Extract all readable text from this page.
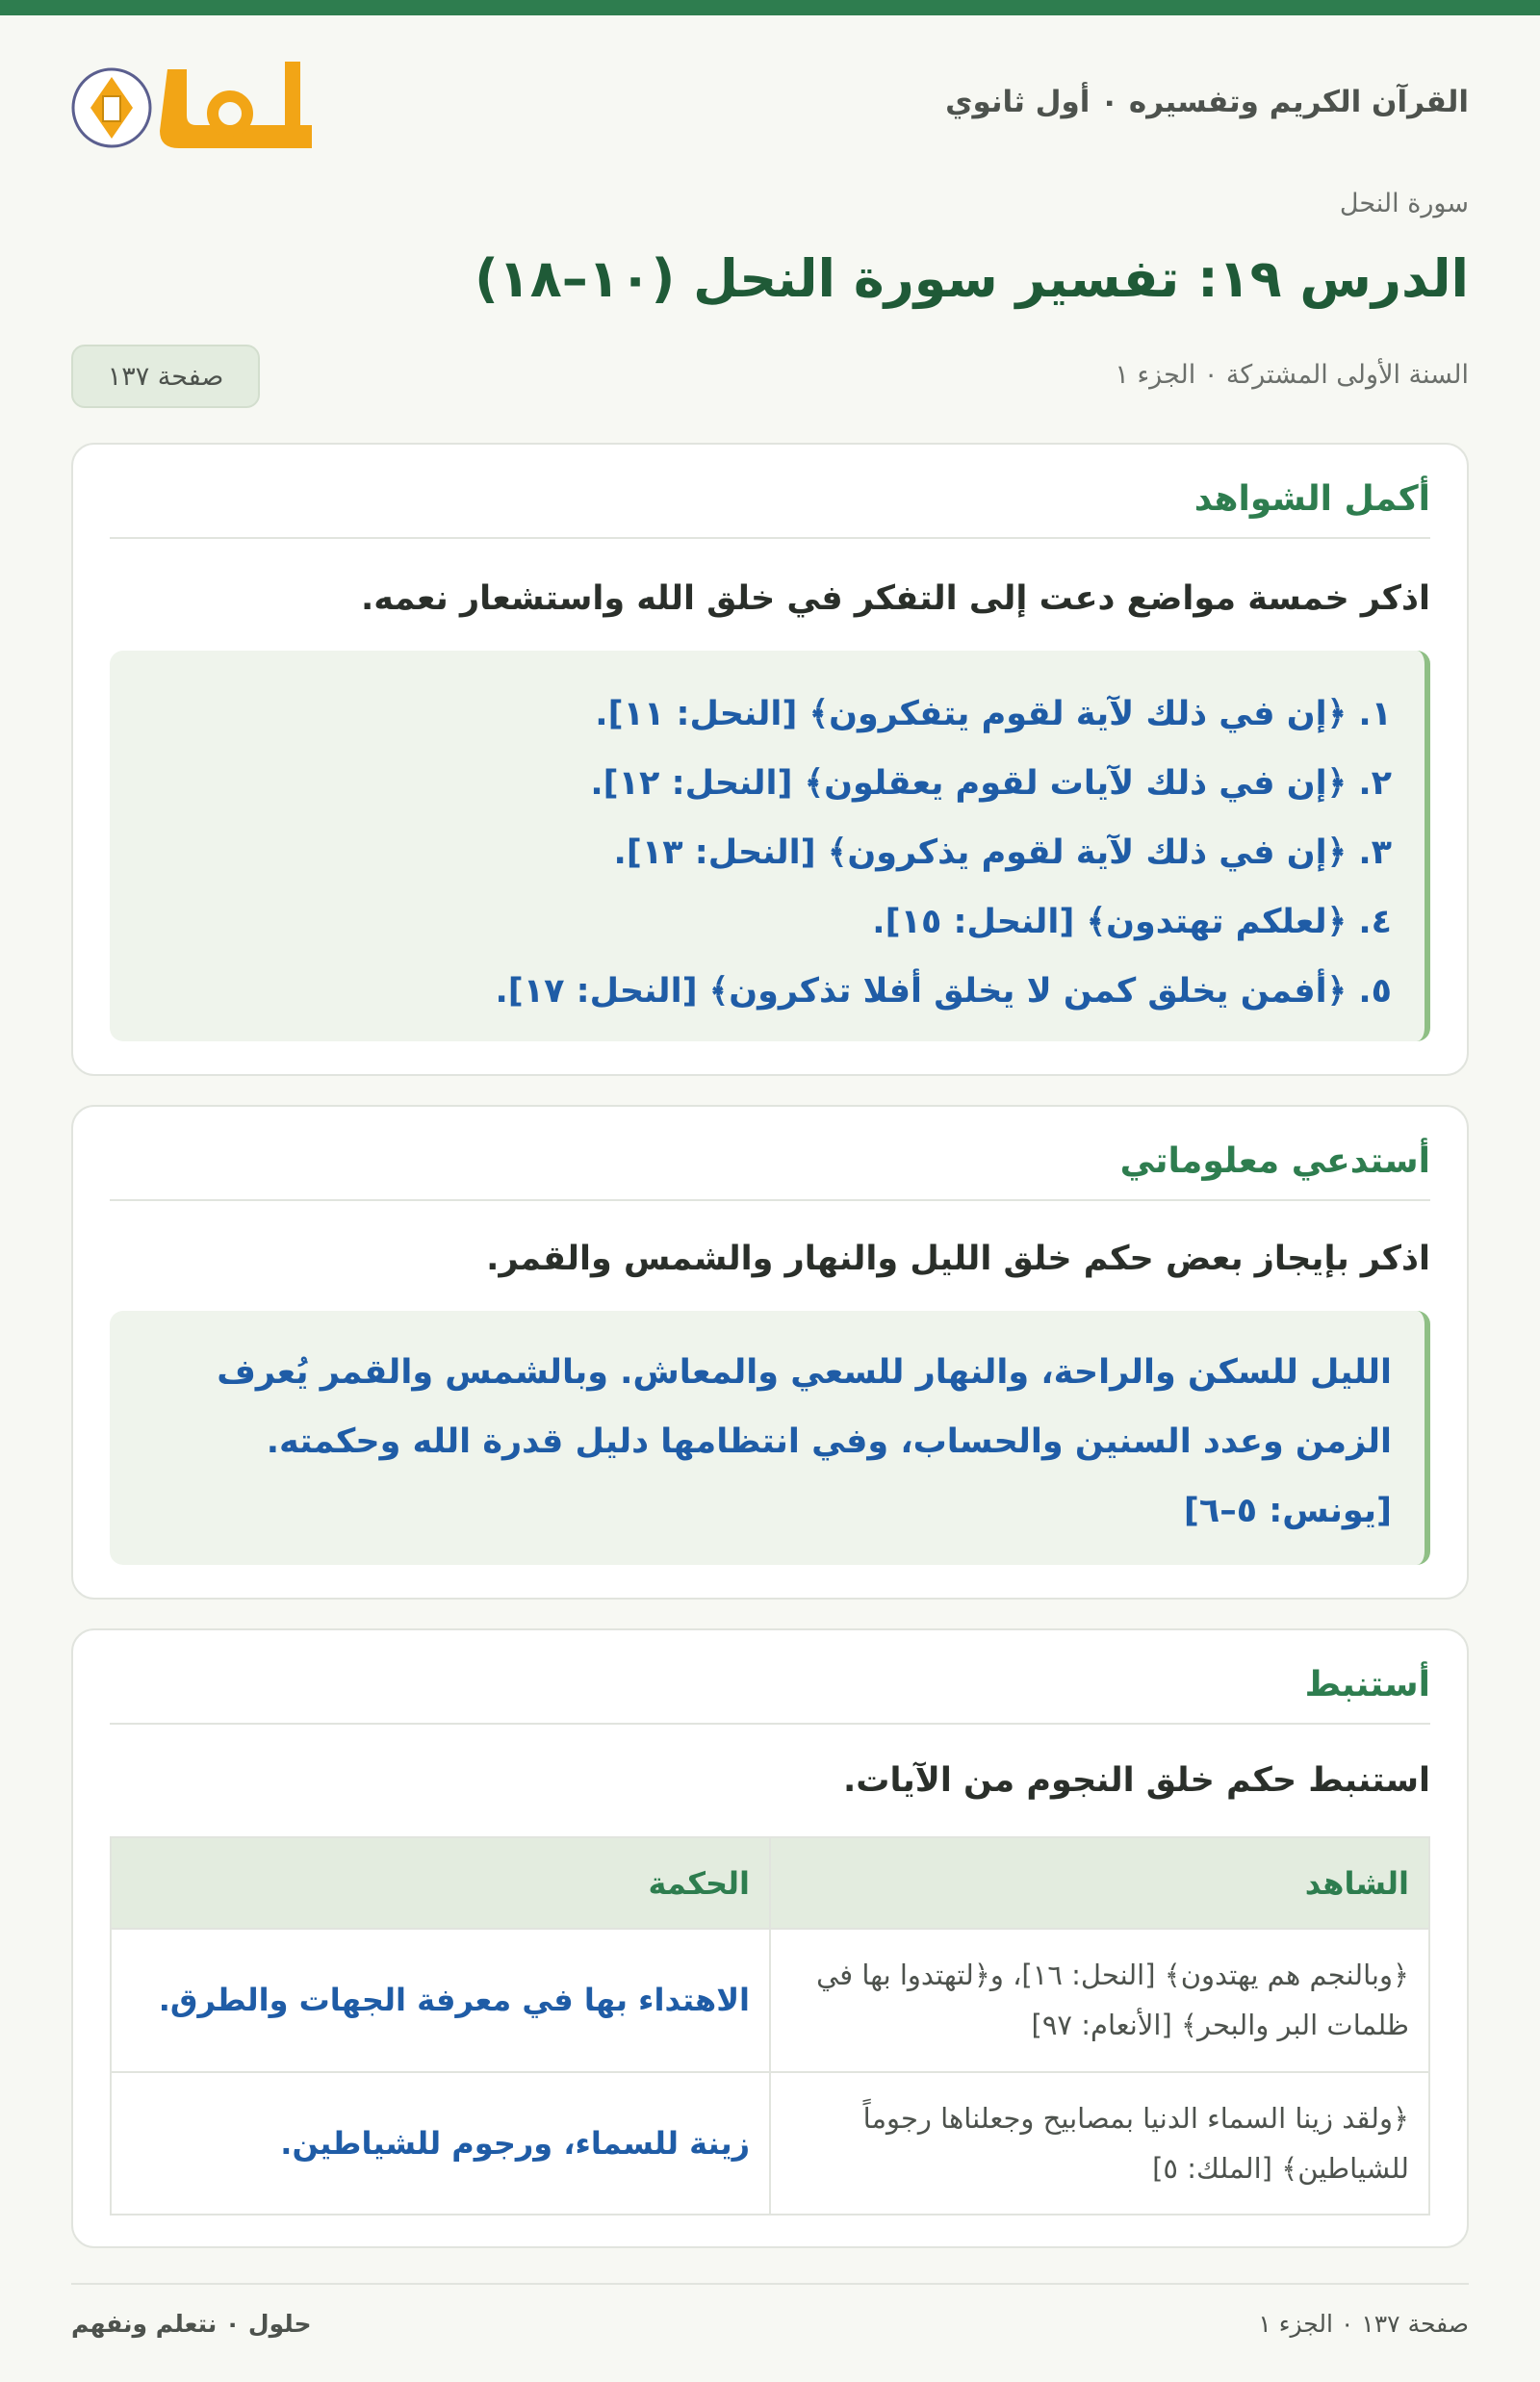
القرآن الكريم وتفسيره ٠ أول ثانوي
سورة النحل
الدرس ١٩: تفسير سورة النحل (١٠–١٨)
السنة الأولى المشتركة ٠ الجزء ١
صفحة ١٣٧
أكمل الشواهد

اذكر خمسة مواضع دعت إلى التفكر في خلق الله واستشعار نعمه.

١. ﴿إن في ذلك لآية لقوم يتفكرون﴾ [النحل: ١١].
٢. ﴿إن في ذلك لآيات لقوم يعقلون﴾ [النحل: ١٢].
٣. ﴿إن في ذلك لآية لقوم يذكرون﴾ [النحل: ١٣].
٤. ﴿لعلكم تهتدون﴾ [النحل: ١٥].
٥. ﴿أفمن يخلق كمن لا يخلق أفلا تذكرون﴾ [النحل: ١٧].
أستدعي معلوماتي

اذكر بإيجاز بعض حكم خلق الليل والنهار والشمس والقمر.

الليل للسكن والراحة، والنهار للسعي والمعاش. وبالشمس والقمر يُعرف الزمن وعدد السنين والحساب، وفي انتظامها دليل قدرة الله وحكمته. [يونس: ٥–٦]

أستنبط

استنبط حكم خلق النجوم من الآيات.

الشاهد	الحكمة
﴿وبالنجم هم يهتدون﴾ [النحل: ١٦]، و﴿لتهتدوا بها في ظلمات البر والبحر﴾ [الأنعام: ٩٧]	الاهتداء بها في معرفة الجهات والطرق.
﴿ولقد زينا السماء الدنيا بمصابيح وجعلناها رجوماً للشياطين﴾ [الملك: ٥]	زينة للسماء، ورجوم للشياطين.
صفحة ١٣٧ ٠ الجزء ١
حلول ٠ نتعلم ونفهم
